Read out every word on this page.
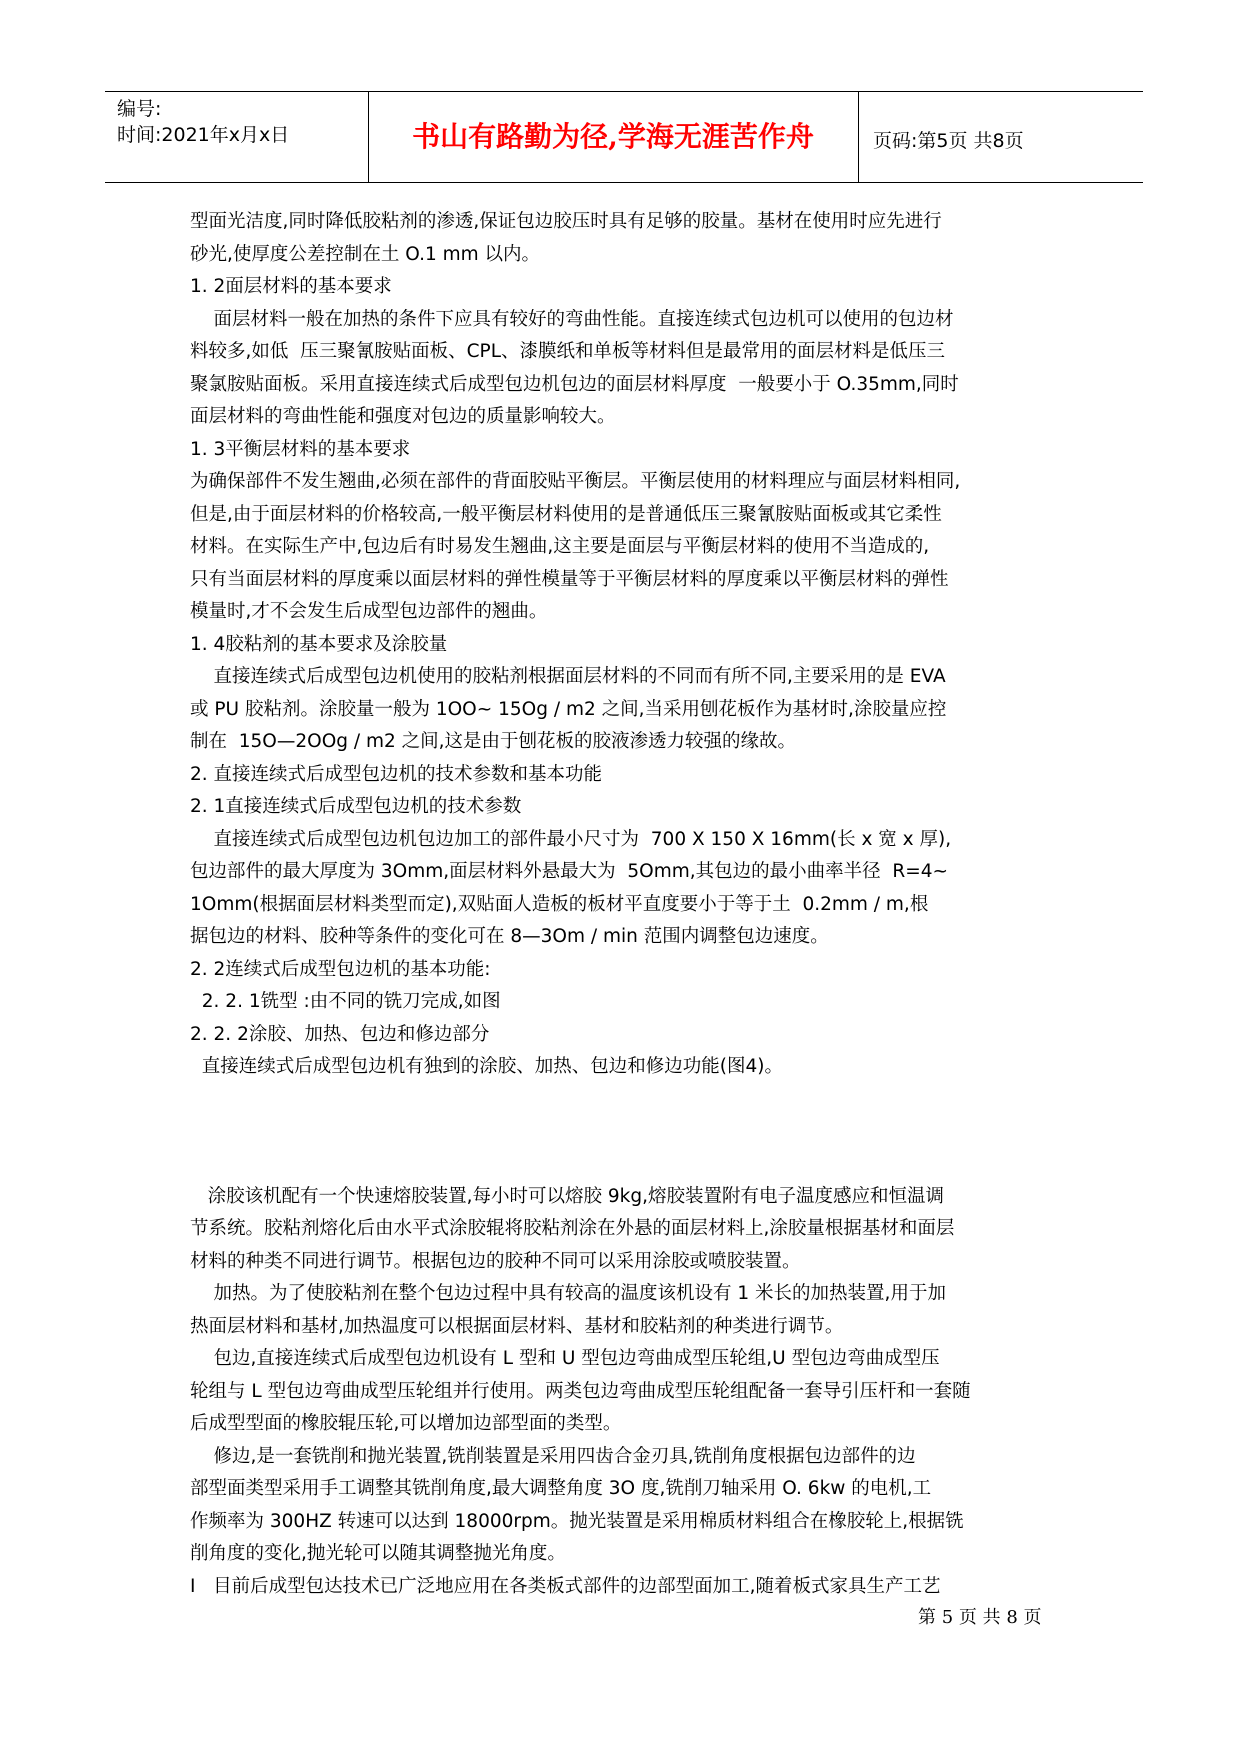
编号:
时间:2021年x月x日	书山有路勤为径,学海无涯苦作舟	页码:第5页 共8页
型面光洁度,同时降低胶粘剂的渗透,保证包边胶压时具有足够的胶量。基材在使用时应先进行
砂光,使厚度公差控制在土 O.1 mm 以内。
1. 2面层材料的基本要求
面层材料一般在加热的条件下应具有较好的弯曲性能。直接连续式包边机可以使用的包边材
料较多,如低  压三聚氰胺贴面板、CPL、漆膜纸和单板等材料但是最常用的面层材料是低压三
聚氯胺贴面板。采用直接连续式后成型包边机包边的面层材料厚度  一般要小于 O.35mm,同时
面层材料的弯曲性能和强度对包边的质量影响较大。
1. 3平衡层材料的基本要求
为确保部件不发生翘曲,必须在部件的背面胶贴平衡层。平衡层使用的材料理应与面层材料相同,
但是,由于面层材料的价格较高,一般平衡层材料使用的是普通低压三聚氰胺贴面板或其它柔性
材料。在实际生产中,包边后有时易发生翘曲,这主要是面层与平衡层材料的使用不当造成的,
只有当面层材料的厚度乘以面层材料的弹性模量等于平衡层材料的厚度乘以平衡层材料的弹性
模量时,才不会发生后成型包边部件的翘曲。
1. 4胶粘剂的基本要求及涂胶量
直接连续式后成型包边机使用的胶粘剂根据面层材料的不同而有所不同,主要采用的是 EVA
或 PU 胶粘剂。涂胶量一般为 1OO~ 15Og / m2 之间,当采用刨花板作为基材时,涂胶量应控
制在  15O—2OOg / m2 之间,这是由于刨花板的胶液渗透力较强的缘故。
2. 直接连续式后成型包边机的技术参数和基本功能
2. 1直接连续式后成型包边机的技术参数
直接连续式后成型包边机包边加工的部件最小尺寸为  700 X 150 X 16mm(长 x 宽 x 厚),
包边部件的最大厚度为 3Omm,面层材料外悬最大为  5Omm,其包边的最小曲率半径  R=4~
1Omm(根据面层材料类型而定),双贴面人造板的板材平直度要小于等于土  0.2mm / m,根
据包边的材料、胶种等条件的变化可在 8—3Om / min 范围内调整包边速度。
2. 2连续式后成型包边机的基本功能:
2. 2. 1铣型 :由不同的铣刀完成,如图
2. 2. 2涂胶、加热、包边和修边部分
直接连续式后成型包边机有独到的涂胶、加热、包边和修边功能(图4)。
涂胶该机配有一个快速熔胶装置,每小时可以熔胶 9kg,熔胶装置附有电子温度感应和恒温调
节系统。胶粘剂熔化后由水平式涂胶辊将胶粘剂涂在外悬的面层材料上,涂胶量根据基材和面层
材料的种类不同进行调节。根据包边的胶种不同可以采用涂胶或喷胶装置。
加热。为了使胶粘剂在整个包边过程中具有较高的温度该机设有 1 米长的加热装置,用于加
热面层材料和基材,加热温度可以根据面层材料、基材和胶粘剂的种类进行调节。
包边,直接连续式后成型包边机设有 L 型和 U 型包边弯曲成型压轮组,U 型包边弯曲成型压
轮组与 L 型包边弯曲成型压轮组并行使用。两类包边弯曲成型压轮组配备一套导引压杆和一套随
后成型型面的橡胶辊压轮,可以增加边部型面的类型。
修边,是一套铣削和抛光装置,铣削装置是采用四齿合金刃具,铣削角度根据包边部件的边
部型面类型采用手工调整其铣削角度,最大调整角度 3O 度,铣削刀轴采用 O. 6kw 的电机,工
作频率为 300HZ 转速可以达到 18000rpm。抛光装置是采用棉质材料组合在橡胶轮上,根据铣
削角度的变化,抛光轮可以随其调整抛光角度。
I   目前后成型包达技术已广泛地应用在各类板式部件的边部型面加工,随着板式家具生产工艺
第 5 页 共 8 页
